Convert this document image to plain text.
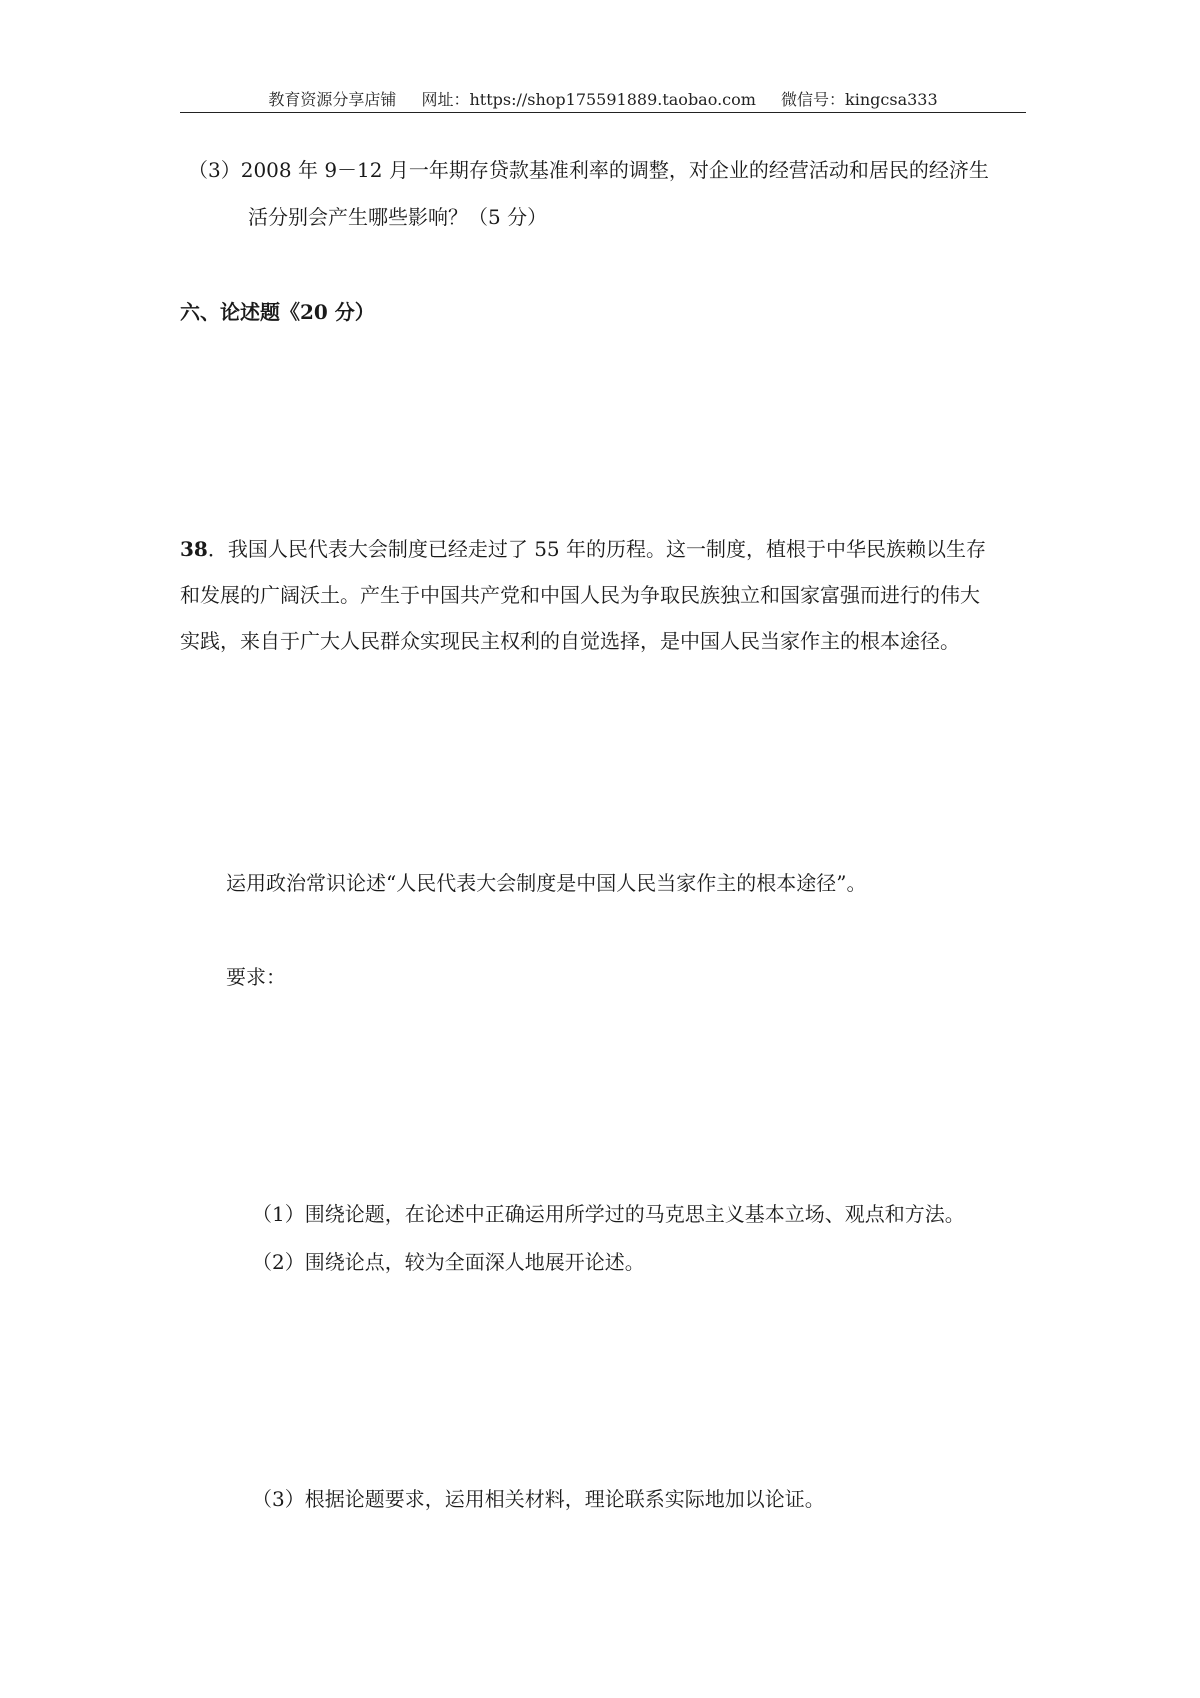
教育资源分享店铺 网址：https://shop175591889.taobao.com 微信号：kingcsa333
（3）2008 年 9－12 月一年期存贷款基准利率的调整，对企业的经营活动和居民的经济生
活分别会产生哪些影响？（5 分）
六、论述题《20 分）
38．我国人民代表大会制度已经走过了 55 年的历程。这一制度，植根于中华民族赖以生存
和发展的广阔沃土。产生于中国共产党和中国人民为争取民族独立和国家富强而进行的伟大
实践，来自于广大人民群众实现民主权利的自觉选择，是中国人民当家作主的根本途径。
运用政治常识论述“人民代表大会制度是中国人民当家作主的根本途径”。
要求：
（1）围绕论题，在论述中正确运用所学过的马克思主义基本立场、观点和方法。
（2）围绕论点，较为全面深人地展开论述。
（3）根据论题要求，运用相关材料，理论联系实际地加以论证。
